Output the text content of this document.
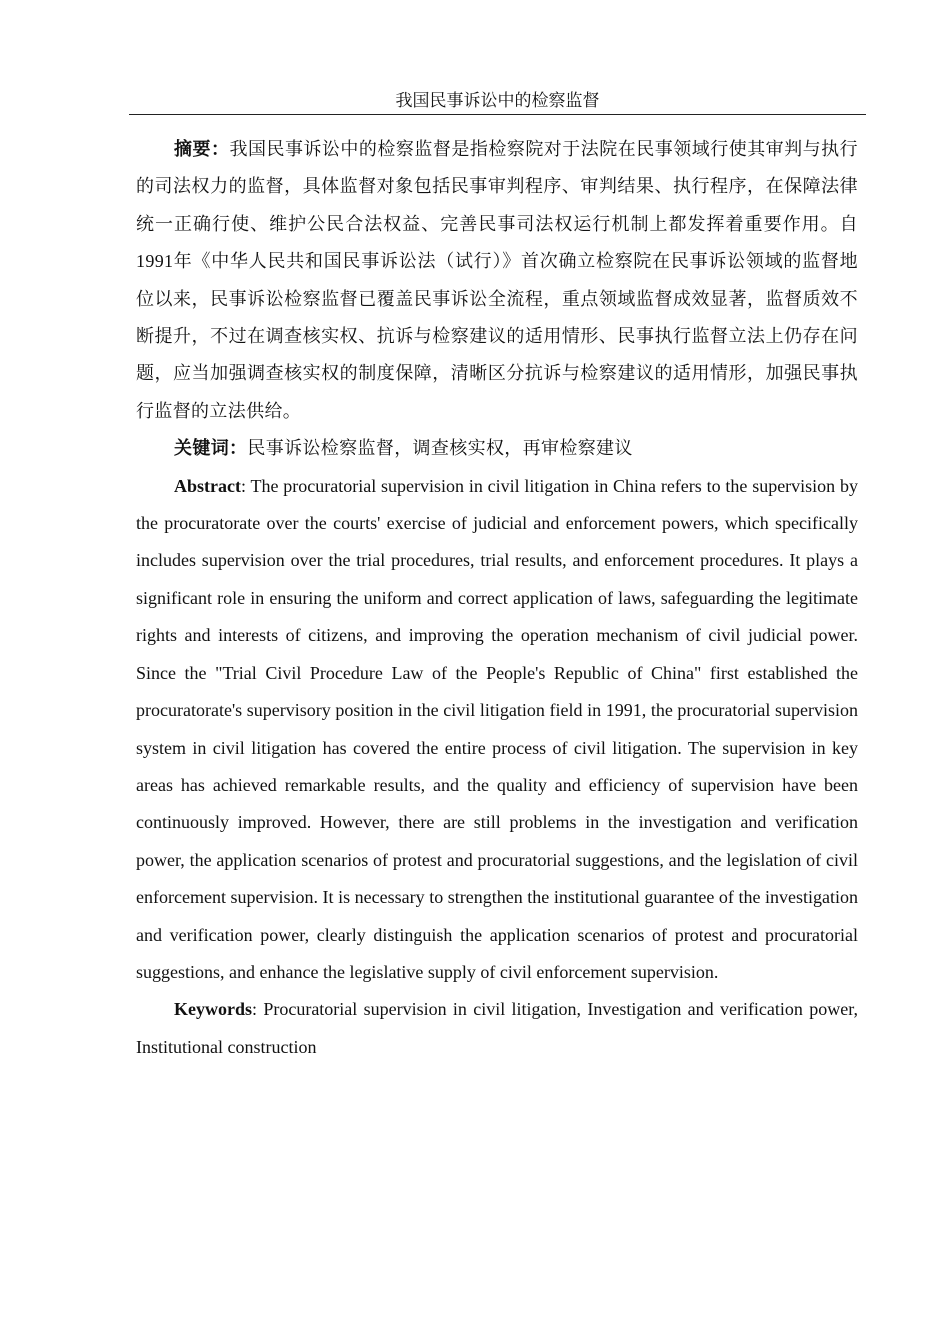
我国民事诉讼中的检察监督

摘要：我国民事诉讼中的检察监督是指检察院对于法院在民事领域行使其审判与执行的司法权力的监督，具体监督对象包括民事审判程序、审判结果、执行程序，在保障法律统一正确行使、维护公民合法权益、完善民事司法权运行机制上都发挥着重要作用。自1991年《中华人民共和国民事诉讼法（试行）》首次确立检察院在民事诉讼领域的监督地位以来，民事诉讼检察监督已覆盖民事诉讼全流程，重点领域监督成效显著，监督质效不断提升，不过在调查核实权、抗诉与检察建议的适用情形、民事执行监督立法上仍存在问题，应当加强调查核实权的制度保障，清晰区分抗诉与检察建议的适用情形，加强民事执行监督的立法供给。

关键词：民事诉讼检察监督，调查核实权，再审检察建议

Abstract: The procuratorial supervision in civil litigation in China refers to the supervision by the procuratorate over the courts' exercise of judicial and enforcement powers, which specifically includes supervision over the trial procedures, trial results, and enforcement procedures. It plays a significant role in ensuring the uniform and correct application of laws, safeguarding the legitimate rights and interests of citizens, and improving the operation mechanism of civil judicial power. Since the "Trial Civil Procedure Law of the People's Republic of China" first established the procuratorate's supervisory position in the civil litigation field in 1991, the procuratorial supervision system in civil litigation has covered the entire process of civil litigation. The supervision in key areas has achieved remarkable results, and the quality and efficiency of supervision have been continuously improved. However, there are still problems in the investigation and verification power, the application scenarios of protest and procuratorial suggestions, and the legislation of civil enforcement supervision. It is necessary to strengthen the institutional guarantee of the investigation and verification power, clearly distinguish the application scenarios of protest and procuratorial suggestions, and enhance the legislative supply of civil enforcement supervision.

Keywords: Procuratorial supervision in civil litigation, Investigation and verification power, Institutional construction
